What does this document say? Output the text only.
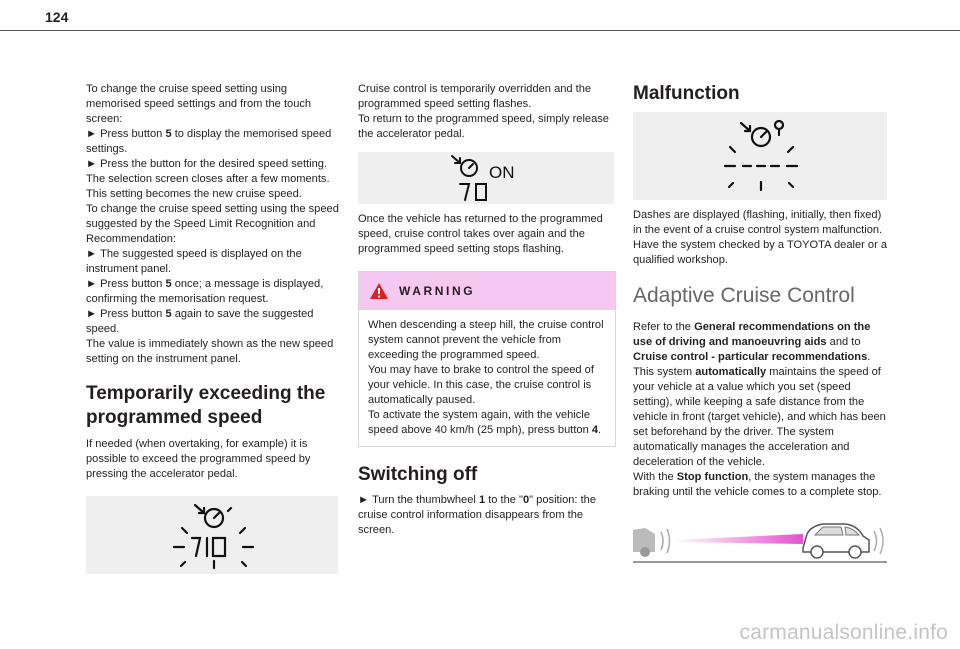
124

To change the cruise speed setting using memorised speed settings and from the touch screen:

► Press button 5 to display the memorised speed settings.

► Press the button for the desired speed setting.

The selection screen closes after a few moments.

This setting becomes the new cruise speed.

To change the cruise speed setting using the speed suggested by the Speed Limit Recognition and Recommendation:

► The suggested speed is displayed on the instrument panel.

► Press button 5 once; a message is displayed, confirming the memorisation request.

► Press button 5 again to save the suggested speed.

The value is immediately shown as the new speed setting on the instrument panel.

Temporarily exceeding the
programmed speed

If needed (when overtaking, for example) it is possible to exceed the programmed speed by pressing the accelerator pedal.

Cruise control is temporarily overridden and the programmed speed setting flashes.

To return to the programmed speed, simply release the accelerator pedal.

ON

Once the vehicle has returned to the programmed speed, cruise control takes over again and the programmed speed setting stops flashing.

WARNING

When descending a steep hill, the cruise control system cannot prevent the vehicle from exceeding the programmed speed.

You may have to brake to control the speed of your vehicle. In this case, the cruise control is automatically paused.

To activate the system again, with the vehicle speed above 40 km/h (25 mph), press button 4.

Switching off

► Turn the thumbwheel 1 to the "0" position: the cruise control information disappears from the screen.

Malfunction

Dashes are displayed (flashing, initially, then fixed) in the event of a cruise control system malfunction.

Have the system checked by a TOYOTA dealer or a qualified workshop.

Adaptive Cruise Control

Refer to the General recommendations on the use of driving and manoeuvring aids and to Cruise control - particular recommendations.

This system automatically maintains the speed of your vehicle at a value which you set (speed setting), while keeping a safe distance from the vehicle in front (target vehicle), and which has been set beforehand by the driver. The system automatically manages the acceleration and deceleration of the vehicle.

With the Stop function, the system manages the braking until the vehicle comes to a complete stop.

carmanualsonline.info
